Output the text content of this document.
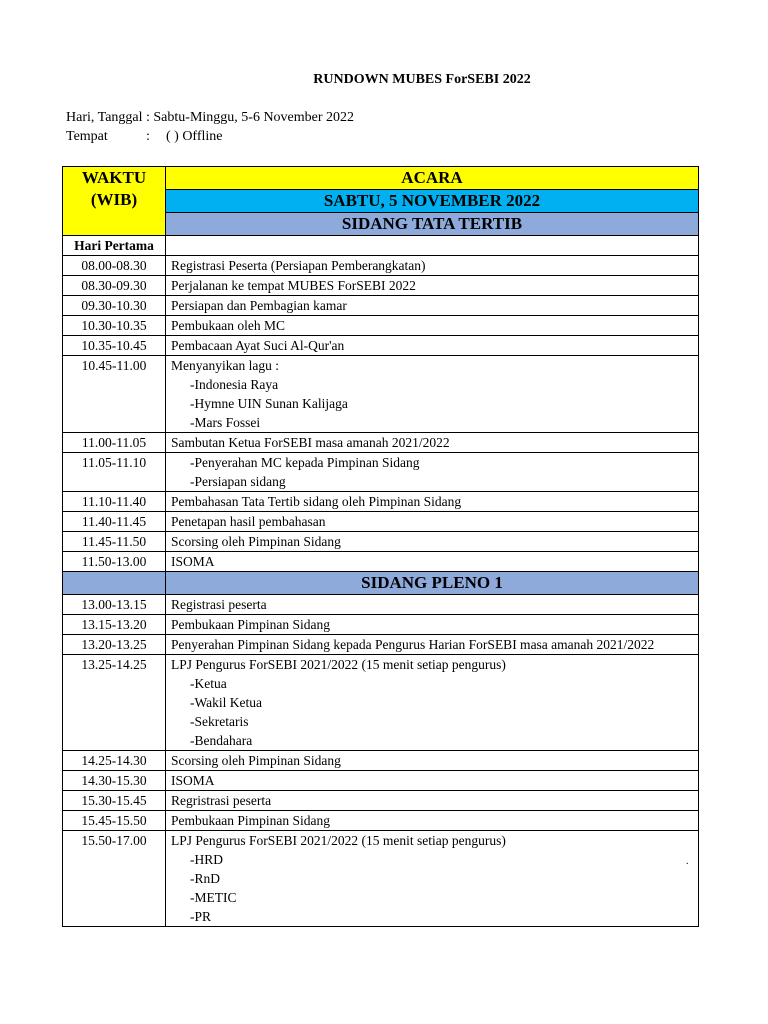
RUNDOWN MUBES ForSEBI 2022
Hari, Tanggal : Sabtu-Minggu, 5-6 November 2022
Tempat	: ( ) Offline
WAKTU
(WIB)	ACARA
	SABTU, 5 NOVEMBER 2022
	SIDANG TATA TERTIB
Hari Pertama	
08.00-08.30	Registrasi Peserta (Persiapan Pemberangkatan)
08.30-09.30	Perjalanan ke tempat MUBES ForSEBI 2022
09.30-10.30	Persiapan dan Pembagian kamar
10.30-10.35	Pembukaan oleh MC
10.35-10.45	Pembacaan Ayat Suci Al-Qur'an
10.45-11.00	Menyanyikan lagu :
	-Indonesia Raya
	-Hymne UIN Sunan Kalijaga
	-Mars Fossei
11.00-11.05	Sambutan Ketua ForSEBI masa amanah 2021/2022
11.05-11.10	-Penyerahan MC kepada Pimpinan Sidang
	-Persiapan sidang
11.10-11.40	Pembahasan Tata Tertib sidang oleh Pimpinan Sidang
11.40-11.45	Penetapan hasil pembahasan
11.45-11.50	Scorsing oleh Pimpinan Sidang
11.50-13.00	ISOMA
	SIDANG PLENO 1
13.00-13.15	Registrasi peserta
13.15-13.20	Pembukaan Pimpinan Sidang
13.20-13.25	Penyerahan Pimpinan Sidang kepada Pengurus Harian ForSEBI masa amanah 2021/2022
13.25-14.25	LPJ Pengurus ForSEBI 2021/2022 (15 menit setiap pengurus)
	-Ketua
	-Wakil Ketua
	-Sekretaris
	-Bendahara
14.25-14.30	Scorsing oleh Pimpinan Sidang
14.30-15.30	ISOMA
15.30-15.45	Regristrasi peserta
15.45-15.50	Pembukaan Pimpinan Sidang
15.50-17.00	LPJ Pengurus ForSEBI 2021/2022 (15 menit setiap pengurus)
	-HRD
	-RnD
	-METIC
	-PR
.
